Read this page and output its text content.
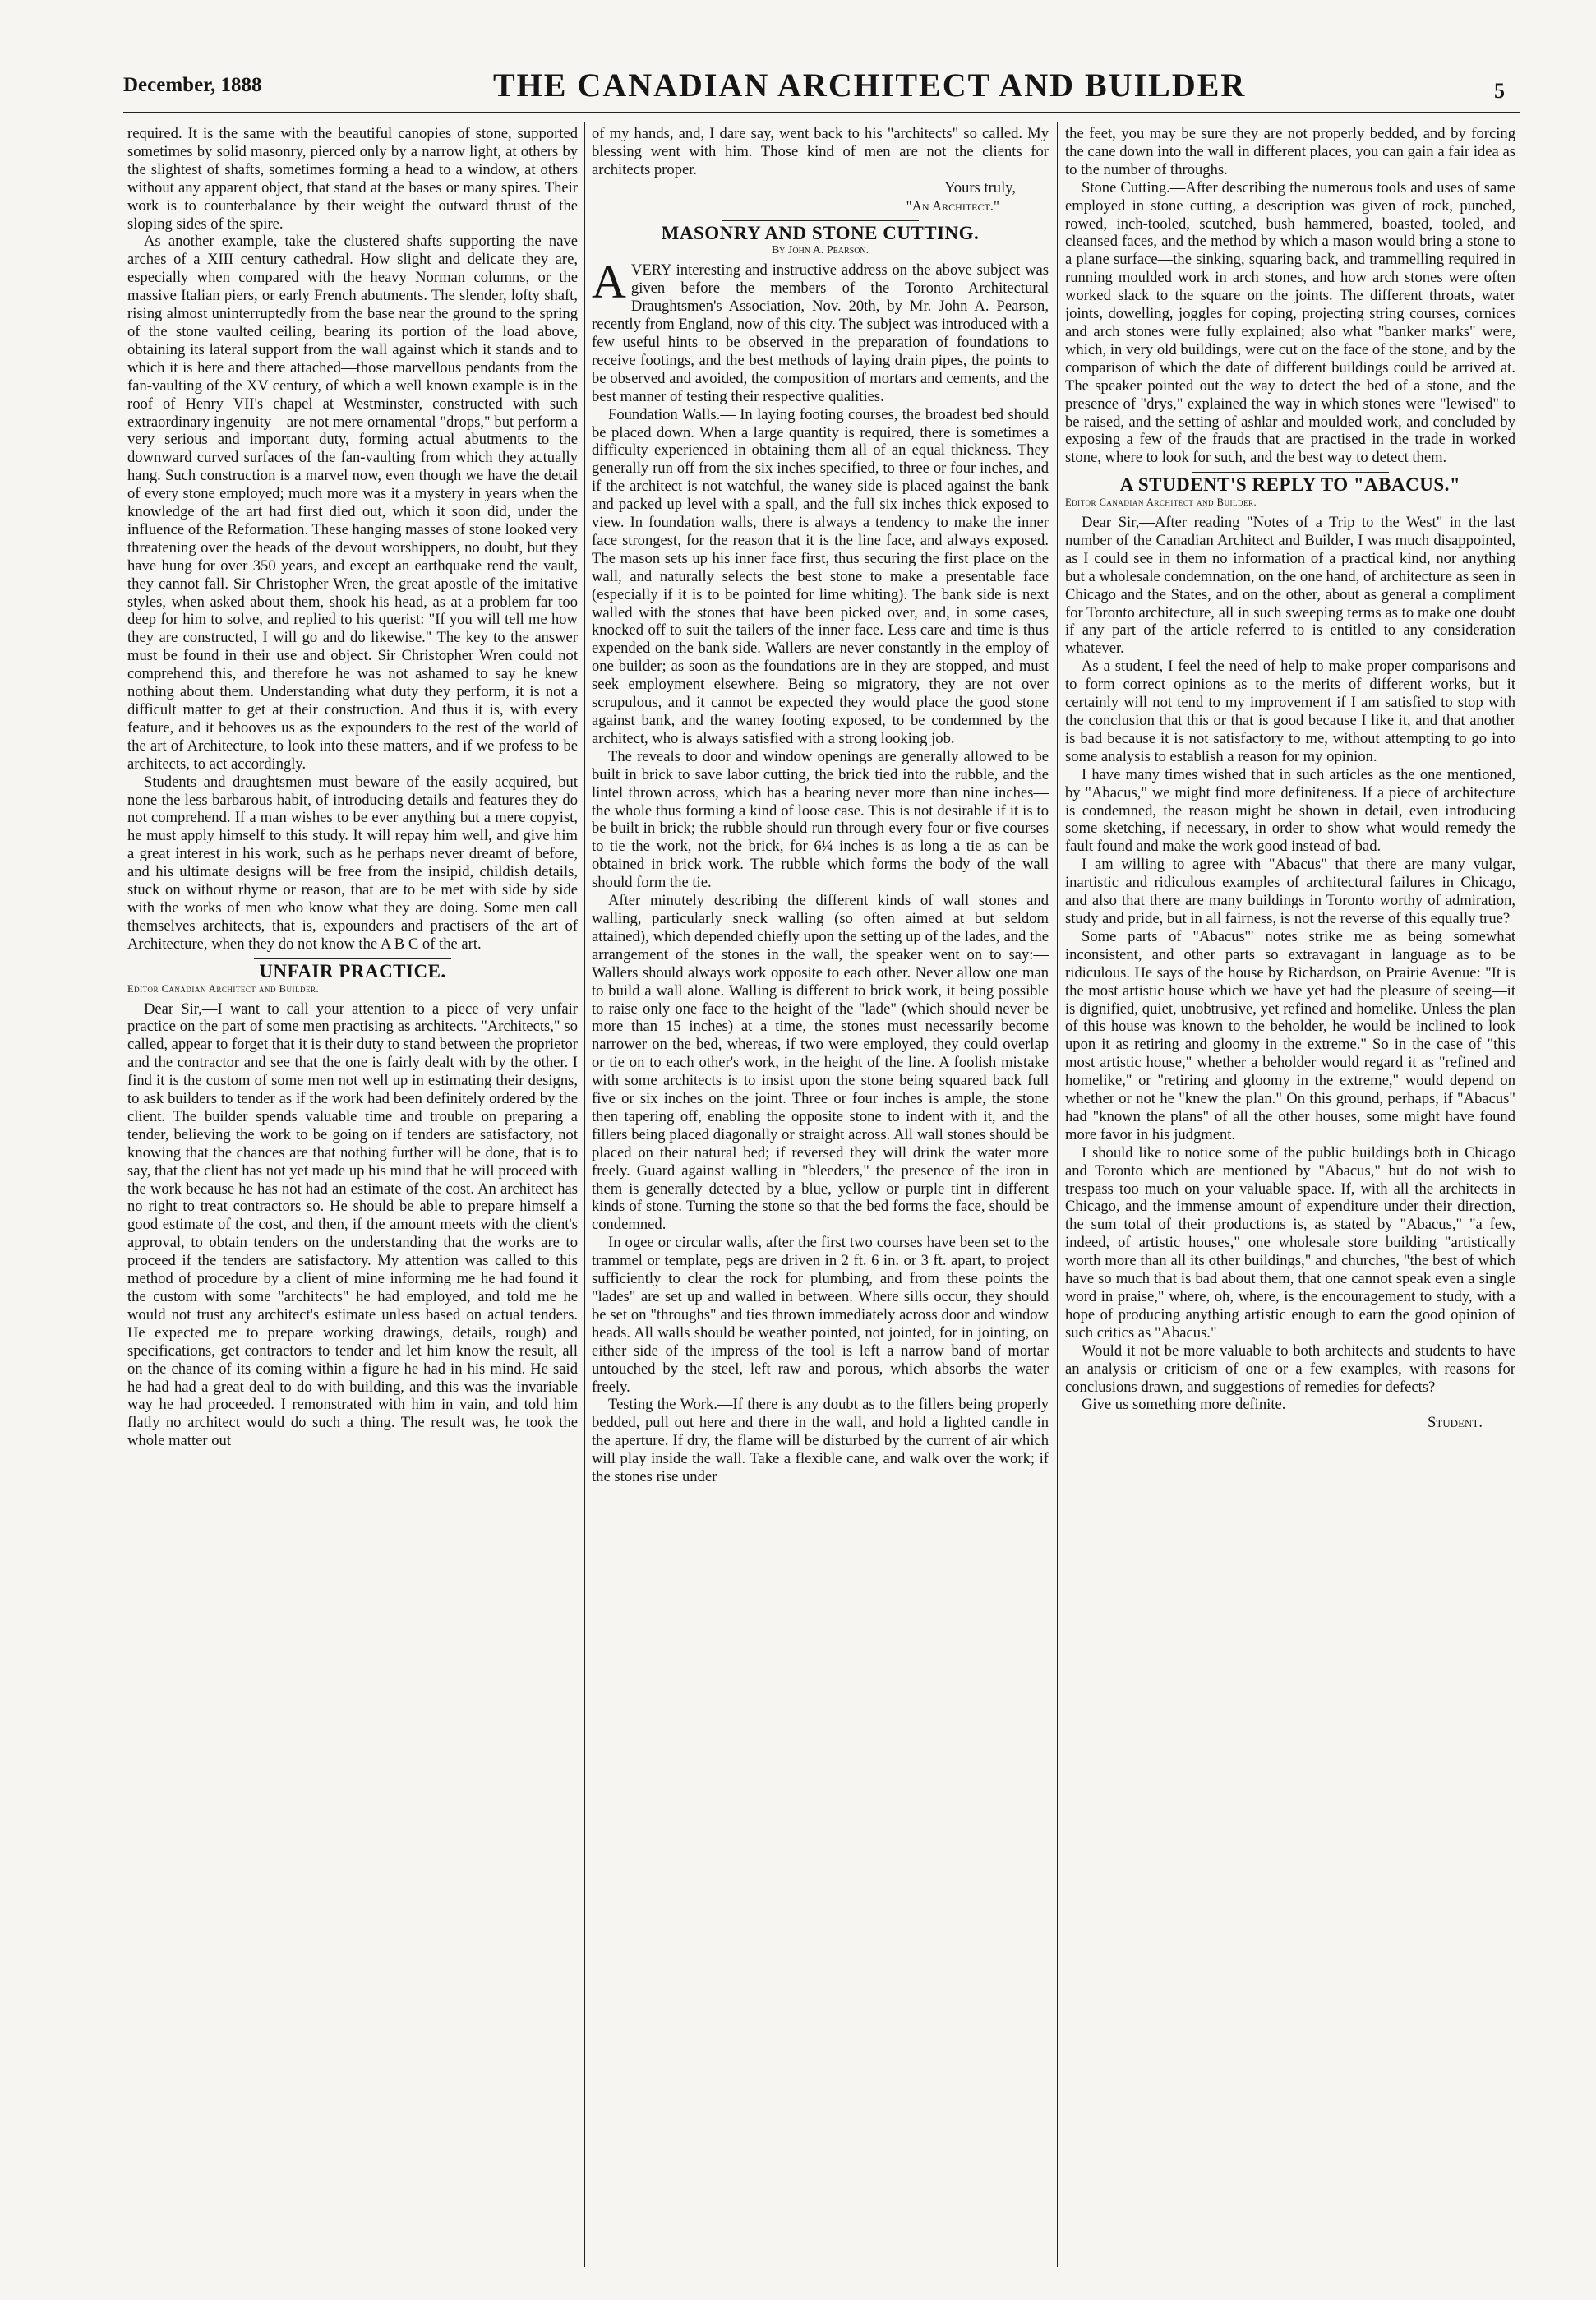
December, 1888	THE CANADIAN ARCHITECT AND BUILDER	5

required. It is the same with the beautiful canopies of stone, supported sometimes by solid masonry, pierced only by a narrow light, at others by the slightest of shafts, sometimes forming a head to a window, at others without any apparent object, that stand at the bases or many spires. Their work is to counterbalance by their weight the outward thrust of the sloping sides of the spire.

As another example, take the clustered shafts supporting the nave arches of a XIII century cathedral. How slight and delicate they are, especially when compared with the heavy Norman columns, or the massive Italian piers, or early French abutments. The slender, lofty shaft, rising almost uninterruptedly from the base near the ground to the spring of the stone vaulted ceiling, bearing its portion of the load above, obtaining its lateral support from the wall against which it stands and to which it is here and there attached—those marvellous pendants from the fan-vaulting of the XV century, of which a well known example is in the roof of Henry VII's chapel at Westminster, constructed with such extraordinary ingenuity—are not mere ornamental "drops," but perform a very serious and important duty, forming actual abutments to the downward curved surfaces of the fan-vaulting from which they actually hang. Such construction is a marvel now, even though we have the detail of every stone employed; much more was it a mystery in years when the knowledge of the art had first died out, which it soon did, under the influence of the Reformation. These hanging masses of stone looked very threatening over the heads of the devout worshippers, no doubt, but they have hung for over 350 years, and except an earthquake rend the vault, they cannot fall. Sir Christopher Wren, the great apostle of the imitative styles, when asked about them, shook his head, as at a problem far too deep for him to solve, and replied to his querist: "If you will tell me how they are constructed, I will go and do likewise." The key to the answer must be found in their use and object. Sir Christopher Wren could not comprehend this, and therefore he was not ashamed to say he knew nothing about them. Understanding what duty they perform, it is not a difficult matter to get at their construction. And thus it is, with every feature, and it behooves us as the expounders to the rest of the world of the art of Architecture, to look into these matters, and if we profess to be architects, to act accordingly.

Students and draughtsmen must beware of the easily acquired, but none the less barbarous habit, of introducing details and features they do not comprehend. If a man wishes to be ever anything but a mere copyist, he must apply himself to this study. It will repay him well, and give him a great interest in his work, such as he perhaps never dreamt of before, and his ultimate designs will be free from the insipid, childish details, stuck on without rhyme or reason, that are to be met with side by side with the works of men who know what they are doing. Some men call themselves architects, that is, expounders and practisers of the art of Architecture, when they do not know the A B C of the art.

UNFAIR PRACTICE.
Editor Canadian Architect and Builder.

Dear Sir,—I want to call your attention to a piece of very unfair practice on the part of some men practising as architects. "Architects," so called, appear to forget that it is their duty to stand between the proprietor and the contractor and see that the one is fairly dealt with by the other. I find it is the custom of some men not well up in estimating their designs, to ask builders to tender as if the work had been definitely ordered by the client. The builder spends valuable time and trouble on preparing a tender, believing the work to be going on if tenders are satisfactory, not knowing that the chances are that nothing further will be done, that is to say, that the client has not yet made up his mind that he will proceed with the work because he has not had an estimate of the cost. An architect has no right to treat contractors so. He should be able to prepare himself a good estimate of the cost, and then, if the amount meets with the client's approval, to obtain tenders on the understanding that the works are to proceed if the tenders are satisfactory. My attention was called to this method of procedure by a client of mine informing me he had found it the custom with some "architects" he had employed, and told me he would not trust any architect's estimate unless based on actual tenders. He expected me to prepare working drawings, details, rough) and specifications, get contractors to tender and let him know the result, all on the chance of its coming within a figure he had in his mind. He said he had had a great deal to do with building, and this was the invariable way he had proceeded. I remonstrated with him in vain, and told him flatly no architect would do such a thing. The result was, he took the whole matter out

of my hands, and, I dare say, went back to his "architects" so called. My blessing went with him. Those kind of men are not the clients for architects proper.

Yours truly,

"An Architect."

MASONRY AND STONE CUTTING.
By John A. Pearson.

AVERY interesting and instructive address on the above subject was given before the members of the Toronto Architectural Draughtsmen's Association, Nov. 20th, by Mr. John A. Pearson, recently from England, now of this city. The subject was introduced with a few useful hints to be observed in the preparation of foundations to receive footings, and the best methods of laying drain pipes, the points to be observed and avoided, the composition of mortars and cements, and the best manner of testing their respective qualities.

Foundation Walls.— In laying footing courses, the broadest bed should be placed down. When a large quantity is required, there is sometimes a difficulty experienced in obtaining them all of an equal thickness. They generally run off from the six inches specified, to three or four inches, and if the architect is not watchful, the waney side is placed against the bank and packed up level with a spall, and the full six inches thick exposed to view. In foundation walls, there is always a tendency to make the inner face strongest, for the reason that it is the line face, and always exposed. The mason sets up his inner face first, thus securing the first place on the wall, and naturally selects the best stone to make a presentable face (especially if it is to be pointed for lime whiting). The bank side is next walled with the stones that have been picked over, and, in some cases, knocked off to suit the tailers of the inner face. Less care and time is thus expended on the bank side. Wallers are never constantly in the employ of one builder; as soon as the foundations are in they are stopped, and must seek employment elsewhere. Being so migratory, they are not over scrupulous, and it cannot be expected they would place the good stone against bank, and the waney footing exposed, to be condemned by the architect, who is always satisfied with a strong looking job.

The reveals to door and window openings are generally allowed to be built in brick to save labor cutting, the brick tied into the rubble, and the lintel thrown across, which has a bearing never more than nine inches—the whole thus forming a kind of loose case. This is not desirable if it is to be built in brick; the rubble should run through every four or five courses to tie the work, not the brick, for 6¼ inches is as long a tie as can be obtained in brick work. The rubble which forms the body of the wall should form the tie.

After minutely describing the different kinds of wall stones and walling, particularly sneck walling (so often aimed at but seldom attained), which depended chiefly upon the setting up of the lades, and the arrangement of the stones in the wall, the speaker went on to say:—Wallers should always work opposite to each other. Never allow one man to build a wall alone. Walling is different to brick work, it being possible to raise only one face to the height of the "lade" (which should never be more than 15 inches) at a time, the stones must necessarily become narrower on the bed, whereas, if two were employed, they could overlap or tie on to each other's work, in the height of the line. A foolish mistake with some architects is to insist upon the stone being squared back full five or six inches on the joint. Three or four inches is ample, the stone then tapering off, enabling the opposite stone to indent with it, and the fillers being placed diagonally or straight across. All wall stones should be placed on their natural bed; if reversed they will drink the water more freely. Guard against walling in "bleeders," the presence of the iron in them is generally detected by a blue, yellow or purple tint in different kinds of stone. Turning the stone so that the bed forms the face, should be condemned.

In ogee or circular walls, after the first two courses have been set to the trammel or template, pegs are driven in 2 ft. 6 in. or 3 ft. apart, to project sufficiently to clear the rock for plumbing, and from these points the "lades" are set up and walled in between. Where sills occur, they should be set on "throughs" and ties thrown immediately across door and window heads. All walls should be weather pointed, not jointed, for in jointing, on either side of the impress of the tool is left a narrow band of mortar untouched by the steel, left raw and porous, which absorbs the water freely.

Testing the Work.—If there is any doubt as to the fillers being properly bedded, pull out here and there in the wall, and hold a lighted candle in the aperture. If dry, the flame will be disturbed by the current of air which will play inside the wall. Take a flexible cane, and walk over the work; if the stones rise under

the feet, you may be sure they are not properly bedded, and by forcing the cane down into the wall in different places, you can gain a fair idea as to the number of throughs.

Stone Cutting.—After describing the numerous tools and uses of same employed in stone cutting, a description was given of rock, punched, rowed, inch-tooled, scutched, bush hammered, boasted, tooled, and cleansed faces, and the method by which a mason would bring a stone to a plane surface—the sinking, squaring back, and trammelling required in running moulded work in arch stones, and how arch stones were often worked slack to the square on the joints. The different throats, water joints, dowelling, joggles for coping, projecting string courses, cornices and arch stones were fully explained; also what "banker marks" were, which, in very old buildings, were cut on the face of the stone, and by the comparison of which the date of different buildings could be arrived at. The speaker pointed out the way to detect the bed of a stone, and the presence of "drys," explained the way in which stones were "lewised" to be raised, and the setting of ashlar and moulded work, and concluded by exposing a few of the frauds that are practised in the trade in worked stone, where to look for such, and the best way to detect them.

A STUDENT'S REPLY TO "ABACUS."
Editor Canadian Architect and Builder.

Dear Sir,—After reading "Notes of a Trip to the West" in the last number of the Canadian Architect and Builder, I was much disappointed, as I could see in them no information of a practical kind, nor anything but a wholesale condemnation, on the one hand, of architecture as seen in Chicago and the States, and on the other, about as general a compliment for Toronto architecture, all in such sweeping terms as to make one doubt if any part of the article referred to is entitled to any consideration whatever.

As a student, I feel the need of help to make proper comparisons and to form correct opinions as to the merits of different works, but it certainly will not tend to my improvement if I am satisfied to stop with the conclusion that this or that is good because I like it, and that another is bad because it is not satisfactory to me, without attempting to go into some analysis to establish a reason for my opinion.

I have many times wished that in such articles as the one mentioned, by "Abacus," we might find more definiteness. If a piece of architecture is condemned, the reason might be shown in detail, even introducing some sketching, if necessary, in order to show what would remedy the fault found and make the work good instead of bad.

I am willing to agree with "Abacus" that there are many vulgar, inartistic and ridiculous examples of architectural failures in Chicago, and also that there are many buildings in Toronto worthy of admiration, study and pride, but in all fairness, is not the reverse of this equally true?

Some parts of "Abacus'" notes strike me as being somewhat inconsistent, and other parts so extravagant in language as to be ridiculous. He says of the house by Richardson, on Prairie Avenue: "It is the most artistic house which we have yet had the pleasure of seeing—it is dignified, quiet, unobtrusive, yet refined and homelike. Unless the plan of this house was known to the beholder, he would be inclined to look upon it as retiring and gloomy in the extreme." So in the case of "this most artistic house," whether a beholder would regard it as "refined and homelike," or "retiring and gloomy in the extreme," would depend on whether or not he "knew the plan." On this ground, perhaps, if "Abacus" had "known the plans" of all the other houses, some might have found more favor in his judgment.

I should like to notice some of the public buildings both in Chicago and Toronto which are mentioned by "Abacus," but do not wish to trespass too much on your valuable space. If, with all the architects in Chicago, and the immense amount of expenditure under their direction, the sum total of their productions is, as stated by "Abacus," "a few, indeed, of artistic houses," one wholesale store building "artistically worth more than all its other buildings," and churches, "the best of which have so much that is bad about them, that one cannot speak even a single word in praise," where, oh, where, is the encouragement to study, with a hope of producing anything artistic enough to earn the good opinion of such critics as "Abacus."

Would it not be more valuable to both architects and students to have an analysis or criticism of one or a few examples, with reasons for conclusions drawn, and suggestions of remedies for defects?

Give us something more definite.

Student.
